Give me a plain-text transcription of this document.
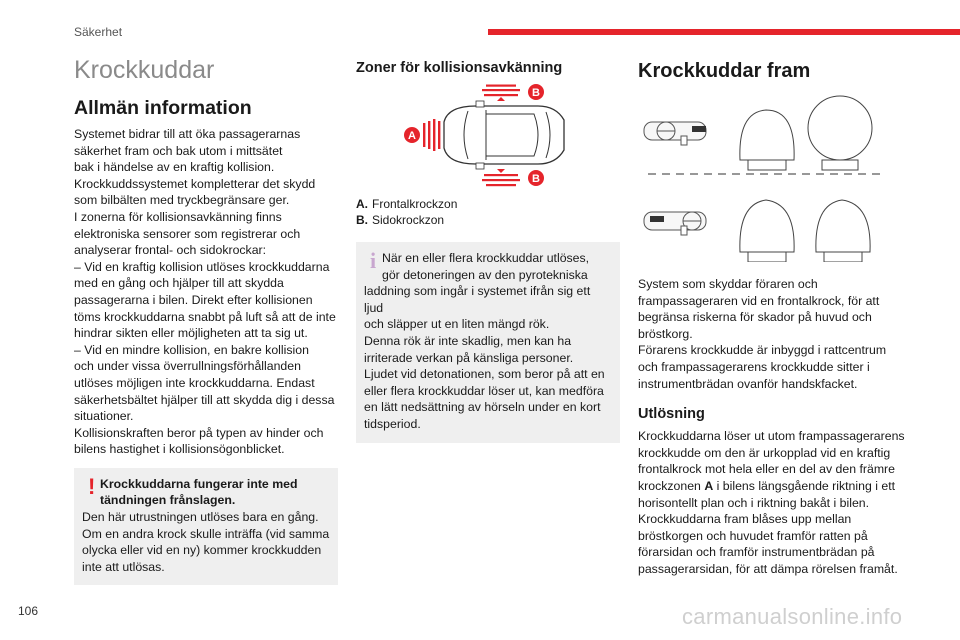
Säkerhet
Krockkuddar
Allmän information

Systemet bidrar till att öka passagerarnas

säkerhet fram och bak utom i mittsätet

bak i händelse av en kraftig kollision.

Krockkuddssystemet kompletterar det skydd

som bilbälten med tryckbegränsare ger.

I zonerna för kollisionsavkänning finns

elektroniska sensorer som registrerar och

analyserar frontal- och sidokrockar:

– Vid en kraftig kollision utlöses krockkuddarna

med en gång och hjälper till att skydda

passagerarna i bilen. Direkt efter kollisionen

töms krockkuddarna snabbt på luft så att de inte

hindrar sikten eller möjligheten att ta sig ut.

– Vid en mindre kollision, en bakre kollision

och under vissa överrullningsförhållanden

utlöses möjligen inte krockkuddarna. Endast

säkerhetsbältet hjälper till att skydda dig i dessa

situationer.

Kollisionskraften beror på typen av hinder och

bilens hastighet i kollisionsögonblicket.

! Krockkuddarna fungerar inte med

tändningen frånslagen.

Den här utrustningen utlöses bara en gång.

Om en andra krock skulle inträffa (vid samma

olycka eller vid en ny) kommer krockkudden

inte att utlösas.

Zoner för kollisionsavkänning
A
B
B
A. Frontalkrockzon
B. Sidokrockzon
i När en eller flera krockkuddar utlöses,

gör detoneringen av den pyrotekniska

laddning som ingår i systemet ifrån sig ett ljud

och släpper ut en liten mängd rök.

Denna rök är inte skadlig, men kan ha

irriterade verkan på känsliga personer.

Ljudet vid detonationen, som beror på att en

eller flera krockkuddar löser ut, kan medföra

en lätt nedsättning av hörseln under en kort

tidsperiod.

Krockkuddar fram

System som skyddar föraren och

frampassageraren vid en frontalkrock, för att

begränsa riskerna för skador på huvud och

bröstkorg.

Förarens krockkudde är inbyggd i rattcentrum

och frampassagerarens krockkudde sitter i

instrumentbrädan ovanför handskfacket.

Utlösning

Krockkuddarna löser ut utom frampassagerarens

krockkudde om den är urkopplad vid en kraftig

frontalkrock mot hela eller en del av den främre

krockzonen A i bilens längsgående riktning i ett

horisontellt plan och i riktning bakåt i bilen.

Krockkuddarna fram blåses upp mellan

bröstkorgen och huvudet framför ratten på

förarsidan och framför instrumentbrädan på

passagerarsidan, för att dämpa rörelsen framåt.

106	carmanualsonline.info
